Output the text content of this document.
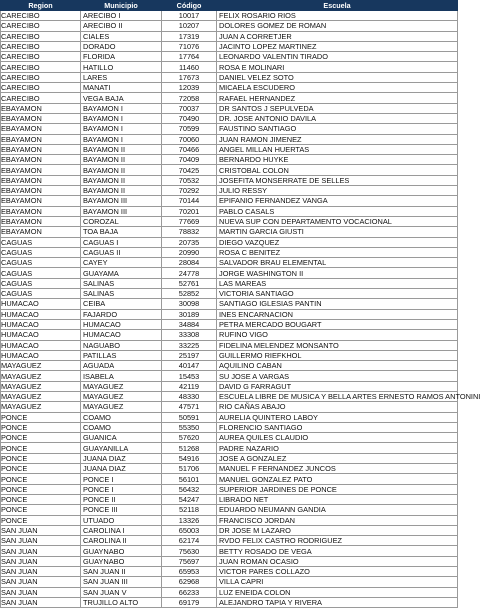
Region	Municipio	Código	Escuela
CARECIBO	ARECIBO I	10017	FELIX ROSARIO RIOS
CARECIBO	ARECIBO II	10207	DOLORES GOMEZ DE ROMAN
CARECIBO	CIALES	17319	JUAN A CORRETJER
CARECIBO	DORADO	71076	JACINTO LOPEZ MARTINEZ
CARECIBO	FLORIDA	17764	LEONARDO VALENTIN TIRADO
CARECIBO	HATILLO	11460	ROSA E MOLINARI
CARECIBO	LARES	17673	DANIEL VELEZ SOTO
CARECIBO	MANATI	12039	MICAELA ESCUDERO
CARECIBO	VEGA BAJA	72058	RAFAEL HERNANDEZ
EBAYAMON	BAYAMON I	70037	DR SANTOS J SEPULVEDA
EBAYAMON	BAYAMON I	70490	DR. JOSE ANTONIO DAVILA
EBAYAMON	BAYAMON I	70599	FAUSTINO SANTIAGO
EBAYAMON	BAYAMON I	70060	JUAN RAMON JIMENEZ
EBAYAMON	BAYAMON II	70466	ANGEL MILLAN HUERTAS
EBAYAMON	BAYAMON II	70409	BERNARDO HUYKE
EBAYAMON	BAYAMON II	70425	CRISTOBAL COLON
EBAYAMON	BAYAMON II	70532	JOSEFITA MONSERRATE DE SELLES
EBAYAMON	BAYAMON II	70292	JULIO RESSY
EBAYAMON	BAYAMON III	70144	EPIFANIO FERNANDEZ VANGA
EBAYAMON	BAYAMON III	70201	PABLO CASALS
EBAYAMON	COROZAL	77669	NUEVA SUP CON DEPARTAMENTO VOCACIONAL
EBAYAMON	TOA BAJA	78832	MARTIN GARCIA GIUSTI
CAGUAS	CAGUAS I	20735	DIEGO VAZQUEZ
CAGUAS	CAGUAS II	20990	ROSA C BENITEZ
CAGUAS	CAYEY	28084	SALVADOR BRAU ELEMENTAL
CAGUAS	GUAYAMA	24778	JORGE WASHINGTON II
CAGUAS	SALINAS	52761	LAS MAREAS
CAGUAS	SALINAS	52852	VICTORIA SANTIAGO
HUMACAO	CEIBA	30098	SANTIAGO IGLESIAS PANTIN
HUMACAO	FAJARDO	30189	INES ENCARNACION
HUMACAO	HUMACAO	34884	PETRA MERCADO BOUGART
HUMACAO	HUMACAO	33308	RUFINO VIGO
HUMACAO	NAGUABO	33225	FIDELINA MELENDEZ MONSANTO
HUMACAO	PATILLAS	25197	GUILLERMO RIEFKHOL
MAYAGUEZ	AGUADA	40147	AQUILINO CABAN
MAYAGUEZ	ISABELA	15453	SU JOSE A VARGAS
MAYAGUEZ	MAYAGUEZ	42119	DAVID G FARRAGUT
MAYAGUEZ	MAYAGUEZ	48330	ESCUELA LIBRE DE MUSICA Y BELLA ARTES ERNESTO RAMOS ANTONINI
MAYAGUEZ	MAYAGUEZ	47571	RIO CAÑAS ABAJO
PONCE	COAMO	50591	AURELIA QUINTERO LABOY
PONCE	COAMO	55350	FLORENCIO SANTIAGO
PONCE	GUANICA	57620	AUREA QUILES CLAUDIO
PONCE	GUAYANILLA	51268	PADRE NAZARIO
PONCE	JUANA DIAZ	54916	JOSE A GONZALEZ
PONCE	JUANA DIAZ	51706	MANUEL F FERNANDEZ JUNCOS
PONCE	PONCE I	56101	MANUEL GONZALEZ PATO
PONCE	PONCE I	56432	SUPERIOR JARDINES DE PONCE
PONCE	PONCE II	54247	LIBRADO NET
PONCE	PONCE III	52118	EDUARDO NEUMANN GANDIA
PONCE	UTUADO	13326	FRANCISCO JORDAN
SAN JUAN	CAROLINA I	65003	DR JOSE M LAZARO
SAN JUAN	CAROLINA II	62174	RVDO FELIX CASTRO RODRIGUEZ
SAN JUAN	GUAYNABO	75630	BETTY ROSADO DE VEGA
SAN JUAN	GUAYNABO	75697	JUAN ROMAN OCASIO
SAN JUAN	SAN JUAN II	65953	VICTOR PARES COLLAZO
SAN JUAN	SAN JUAN III	62968	VILLA CAPRI
SAN JUAN	SAN JUAN V	66233	LUZ ENEIDA COLON
SAN JUAN	TRUJILLO ALTO	69179	ALEJANDRO TAPIA Y RIVERA
